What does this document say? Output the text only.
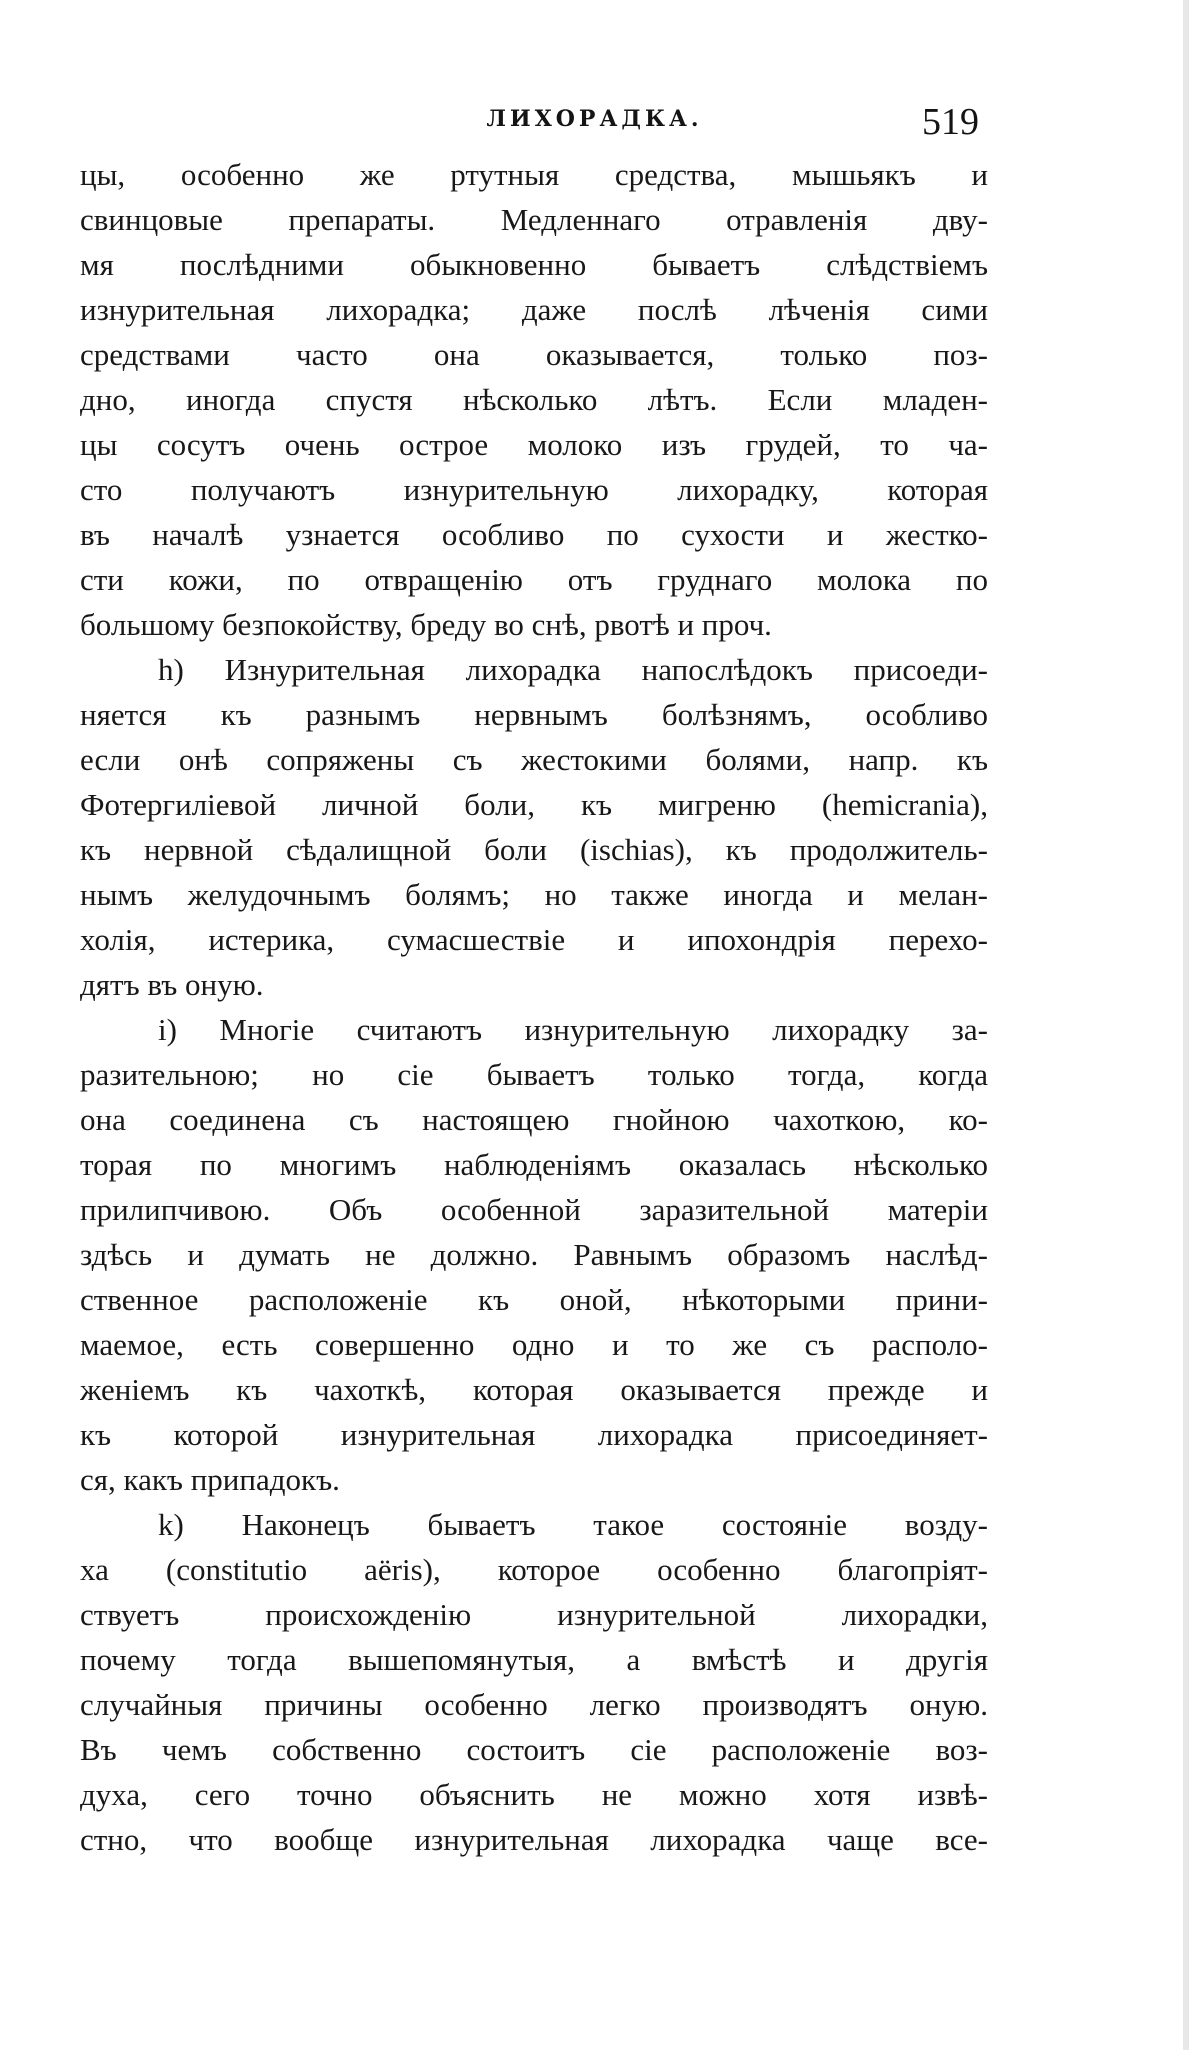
ЛИХОРАДКА.	519
цы, особенно же ртутныя средства, мышьякъ и
свинцовые препараты. Медленнаго отравленія дву-
мя послѣдними обыкновенно бываетъ слѣдствіемъ
изнурительная лихорадка; даже послѣ лѣченія сими
средствами часто она оказывается, только поз-
дно, иногда спустя нѣсколько лѣтъ. Если младен-
цы сосутъ очень острое молоко изъ грудей, то ча-
сто получаютъ изнурительную лихорадку, которая
въ началѣ узнается особливо по сухости и жестко-
сти кожи, по отвращенію отъ груднаго молока по
большому безпокойству, бреду во снѣ, рвотѣ и проч.
h) Изнурительная лихорадка напослѣдокъ присоеди-
няется къ разнымъ нервнымъ болѣзнямъ, особливо
если онѣ сопряжены съ жестокими болями, напр. къ
Фотергиліевой личной боли, къ мигреню (hemicrania),
къ нервной сѣдалищной боли (ischias), къ продолжитель-
нымъ желудочнымъ болямъ; но также иногда и мелан-
холія, истерика, сумасшествіе и ипохондрія перехо-
дятъ въ оную.
i) Многіе считаютъ изнурительную лихорадку за-
разительною; но сіе бываетъ только тогда, когда
она соединена съ настоящею гнойною чахоткою, ко-
торая по многимъ наблюденіямъ оказалась нѣсколько
прилипчивою. Объ особенной заразительной матеріи
здѣсь и думать не должно. Равнымъ образомъ наслѣд-
ственное расположеніе къ оной, нѣкоторыми прини-
маемое, есть совершенно одно и то же съ располо-
женіемъ къ чахоткѣ, которая оказывается прежде и
къ которой изнурительная лихорадка присоединяет-
ся, какъ припадокъ.
k) Наконецъ бываетъ такое состояніе возду-
ха (constitutio aëris), которое особенно благопріят-
ствуетъ происхожденію изнурительной лихорадки,
почему тогда вышепомянутыя, а вмѣстѣ и другія
случайныя причины особенно легко производятъ оную.
Въ чемъ собственно состоитъ сіе расположеніе воз-
духа, сего точно объяснить не можно хотя извѣ-
стно, что вообще изнурительная лихорадка чаще все-
